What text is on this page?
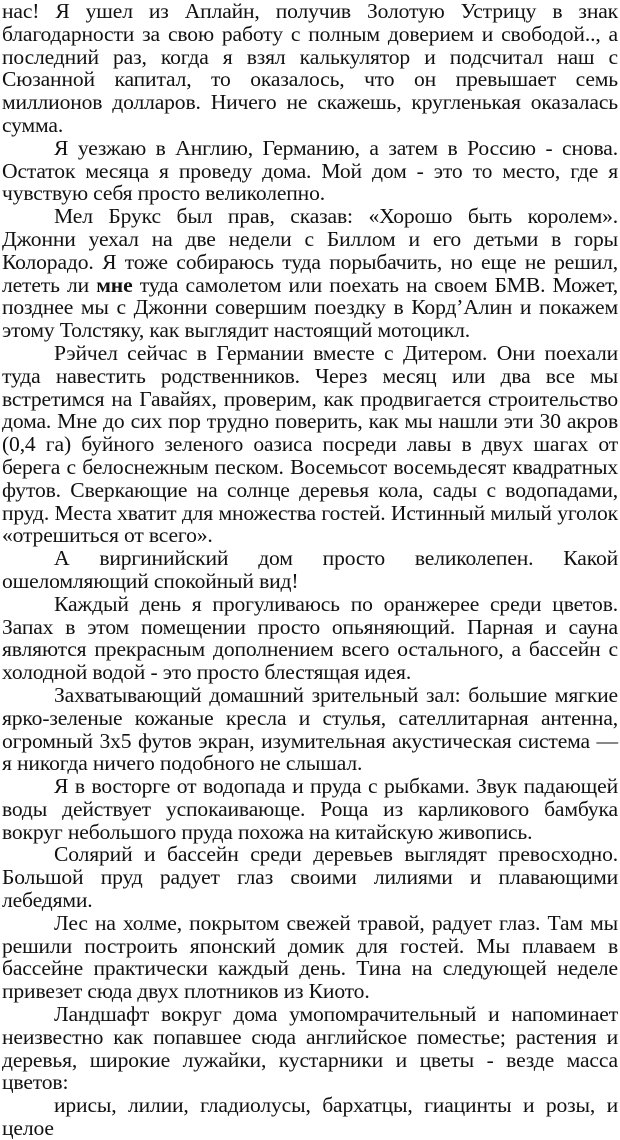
нас! Я ушел из Аплайн, получив Золотую Устрицу в знак благодарности за свою работу с полным доверием и свободой.., а последний раз, когда я взял калькулятор и подсчитал наш с Сюзанной капитал, то оказалось, что он превышает семь миллионов долларов. Ничего не скажешь, кругленькая оказалась сумма.

Я уезжаю в Англию, Германию, а затем в Россию - снова. Остаток месяца я проведу дома. Мой дом - это то место, где я чувствую себя просто великолепно.

Мел Брукс был прав, сказав: «Хорошо быть королем». Джонни уехал на две недели с Биллом и его детьми в горы Колорадо. Я тоже собираюсь туда порыбачить, но еще не решил, лететь ли мне туда самолетом или поехать на своем БМВ. Может, позднее мы с Джонни совершим поездку в Корд’Алин и покажем этому Толстяку, как выглядит настоящий мотоцикл.

Рэйчел сейчас в Германии вместе с Дитером. Они поехали туда навестить родственников. Через месяц или два все мы встретимся на Гавайях, проверим, как продвигается строительство дома. Мне до сих пор трудно поверить, как мы нашли эти 30 акров (0,4 га) буйного зеленого оазиса посреди лавы в двух шагах от берега с белоснежным песком. Восемьсот восемьдесят квадратных футов. Сверкающие на солнце деревья кола, сады с водопадами, пруд. Места хватит для множества гостей. Истинный милый уголок «отрешиться от всего».

А виргинийский дом просто великолепен. Какой ошеломляющий спокойный вид!

Каждый день я прогуливаюсь по оранжерее среди цветов. Запах в этом помещении просто опьяняющий. Парная и сауна являются прекрасным дополнением всего остального, а бассейн с холодной водой - это просто блестящая идея.

Захватывающий домашний зрительный зал: большие мягкие ярко-зеленые кожаные кресла и стулья, сателлитарная антенна, огромный 3x5 футов экран, изумительная акустическая система — я никогда ничего подобного не слышал.

Я в восторге от водопада и пруда с рыбками. Звук падающей воды действует успокаивающе. Роща из карликового бамбука вокруг небольшого пруда похожа на китайскую живопись.

Солярий и бассейн среди деревьев выглядят превосходно. Большой пруд радует глаз своими лилиями и плавающими лебедями.

Лес на холме, покрытом свежей травой, радует глаз. Там мы решили построить японский домик для гостей. Мы плаваем в бассейне практически каждый день. Тина на следующей неделе привезет сюда двух плотников из Киото.

Ландшафт вокруг дома умопомрачительный и напоминает неизвестно как попавшее сюда английское поместье; растения и деревья, широкие лужайки, кустарники и цветы - везде масса цветов:

ирисы, лилии, гладиолусы, бархатцы, гиацинты и розы, и целое
